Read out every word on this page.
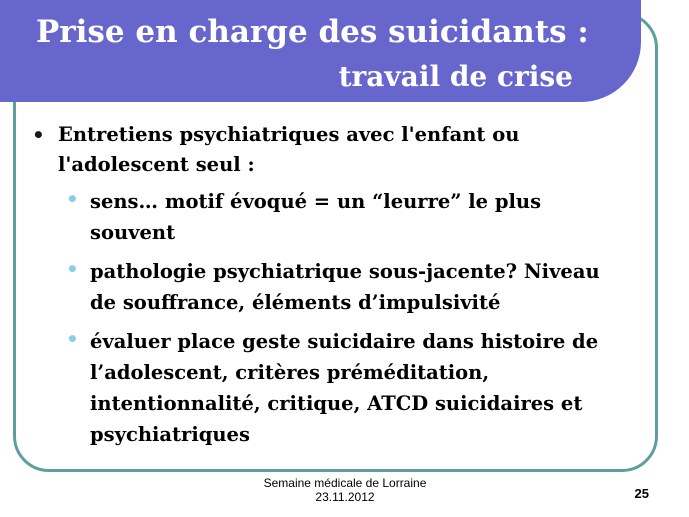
Prise en charge des suicidants :
travail de crise
• Entretiens psychiatriques avec l'enfant ou l'adolescent seul :
• sens… motif évoqué = un “leurre” le plus souvent
• pathologie psychiatrique sous-jacente? Niveau de souffrance, éléments d’impulsivité
• évaluer place geste suicidaire dans histoire de l’adolescent, critères préméditation, intentionnalité, critique, ATCD suicidaires et psychiatriques
Semaine médicale de Lorraine
23.11.2012	25
